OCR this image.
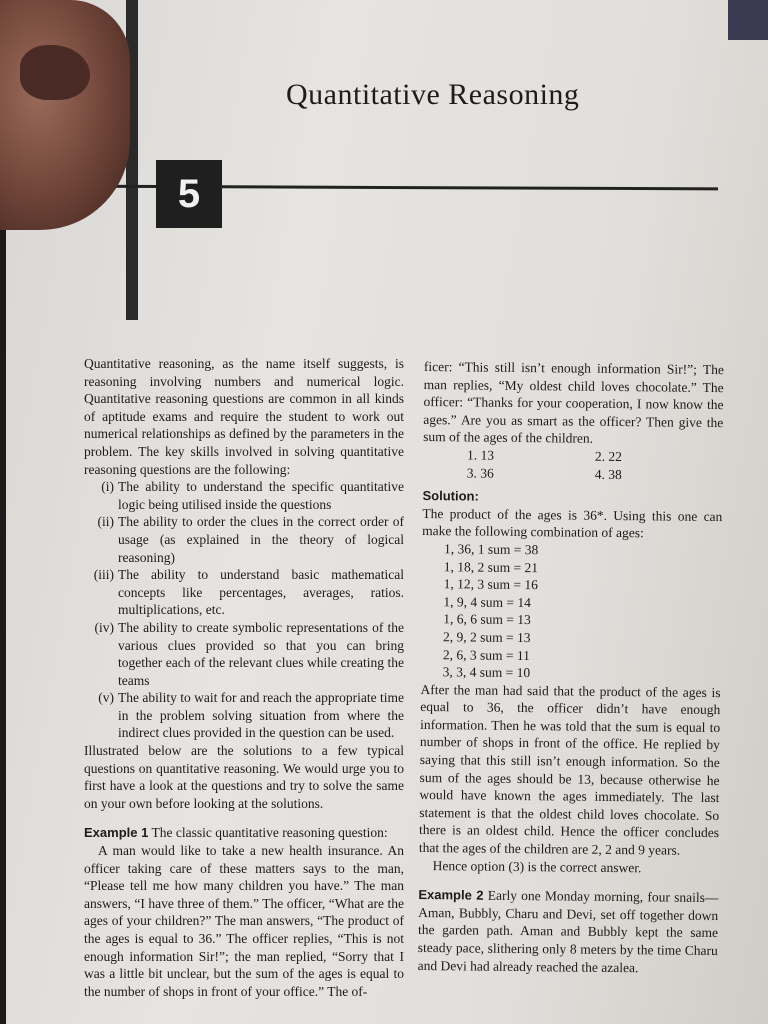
Quantitative Reasoning
5

Quantitative reasoning, as the name itself suggests, is reasoning involving numbers and numerical logic. Quantitative reasoning questions are common in all kinds of aptitude exams and require the student to work out numerical relationships as defined by the parameters in the problem. The key skills involved in solving quantitative reasoning questions are the following:

(i) The ability to understand the specific quantitative logic being utilised inside the questions
(ii) The ability to order the clues in the correct order of usage (as explained in the theory of logical reasoning)
(iii) The ability to understand basic mathematical concepts like percentages, averages, ratios. multiplications, etc.
(iv) The ability to create symbolic representations of the various clues provided so that you can bring together each of the relevant clues while creating the teams
(v) The ability to wait for and reach the appropriate time in the problem solving situation from where the indirect clues provided in the question can be used.

Illustrated below are the solutions to a few typical questions on quantitative reasoning. We would urge you to first have a look at the questions and try to solve the same on your own before looking at the solutions.

Example 1 The classic quantitative reasoning question:

A man would like to take a new health insurance. An officer taking care of these matters says to the man, “Please tell me how many children you have.” The man answers, “I have three of them.” The officer, “What are the ages of your children?” The man answers, “The product of the ages is equal to 36.” The officer replies, “This is not enough information Sir!”; the man replied, “Sorry that I was a little bit unclear, but the sum of the ages is equal to the number of shops in front of your office.” The of-

ficer: “This still isn’t enough information Sir!”; The man replies, “My oldest child loves chocolate.” The officer: “Thanks for your cooperation, I now know the ages.” Are you as smart as the officer? Then give the sum of the ages of the children.

1. 13	2. 22
3. 36	4. 38

Solution:

The product of the ages is 36*. Using this one can make the following combination of ages:

1, 36, 1 sum = 38
1, 18, 2 sum = 21
1, 12, 3 sum = 16
1, 9, 4 sum = 14
1, 6, 6 sum = 13
2, 9, 2 sum = 13
2, 6, 3 sum = 11
3, 3, 4 sum = 10

After the man had said that the product of the ages is equal to 36, the officer didn’t have enough information. Then he was told that the sum is equal to number of shops in front of the office. He replied by saying that this still isn’t enough information. So the sum of the ages should be 13, because otherwise he would have known the ages immediately. The last statement is that the oldest child loves chocolate. So there is an oldest child. Hence the officer concludes that the ages of the children are 2, 2 and 9 years.

Hence option (3) is the correct answer.

Example 2 Early one Monday morning, four snails—Aman, Bubbly, Charu and Devi, set off together down the garden path. Aman and Bubbly kept the same steady pace, slithering only 8 meters by the time Charu and Devi had already reached the azalea.
